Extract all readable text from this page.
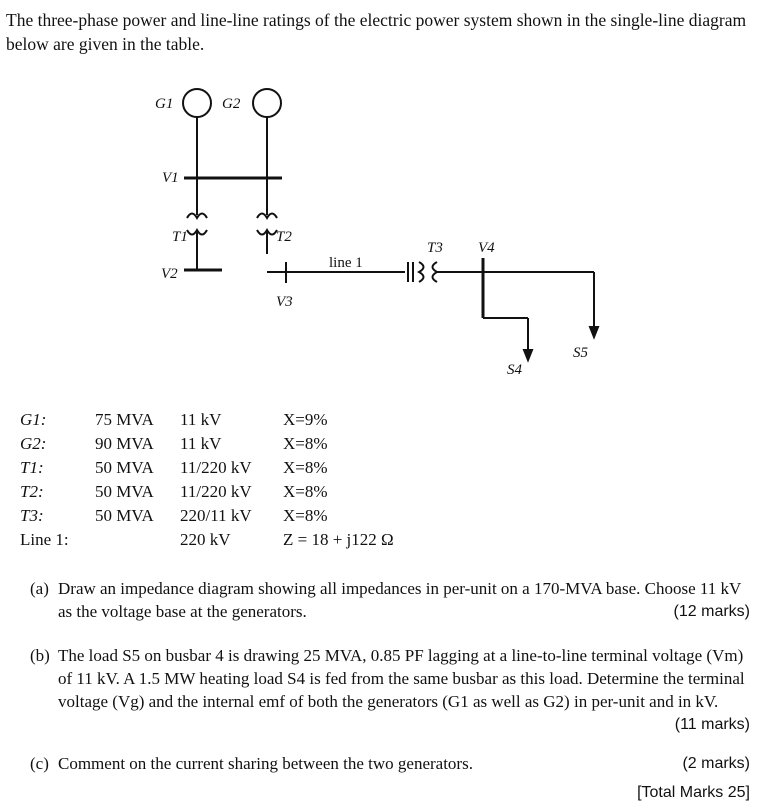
The three-phase power and line-line ratings of the electric power system shown in the single-line diagram below are given in the table.

G1	G2
V1
T1	T2
V2
V3
T3 V4
S4
S5
line 1
G1:	75 MVA 11 kV	X=9%
G2:	90 MVA 11 kV	X=8%
T1:	50 MVA 11/220 kV X=8%
T2:	50 MVA 11/220 kV X=8%
T3:	50 MVA 220/11 kV X=8%
Line 1:	220 kV	Z = 18 + j122 Ω
(a) Draw an impedance diagram showing all impedances in per-unit on a 170-MVA base. Choose 11 kV as the voltage base at the generators.	(12 marks)
(b) The load S5 on busbar 4 is drawing 25 MVA, 0.85 PF lagging at a line-to-line terminal voltage (Vm) of 11 kV. A 1.5 MW heating load S4 is fed from the same busbar as this load. Determine the terminal voltage (Vg) and the internal emf of both the generators (G1 as well as G2) in per-unit and in kV.
(11 marks)
(c) Comment on the current sharing between the two generators.	(2 marks)
[Total Marks 25]
